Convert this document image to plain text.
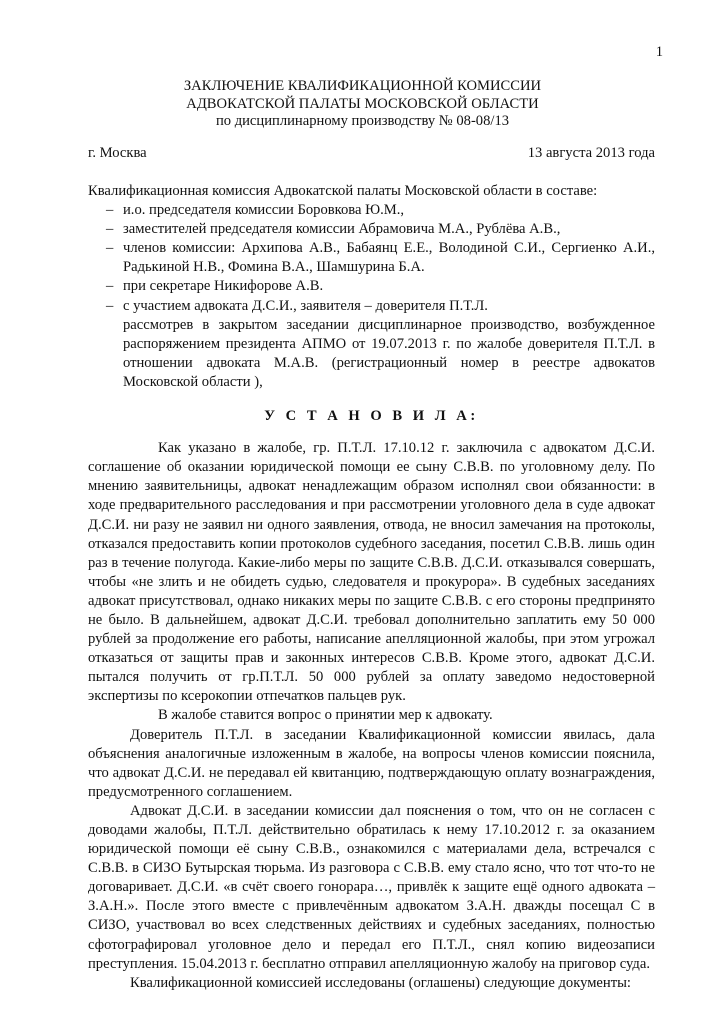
1
ЗАКЛЮЧЕНИЕ КВАЛИФИКАЦИОННОЙ КОМИССИИ
АДВОКАТСКОЙ ПАЛАТЫ МОСКОВСКОЙ ОБЛАСТИ
по дисциплинарному производству № 08-08/13
г. Москва	13 августа 2013 года
Квалификационная комиссия Адвокатской палаты Московской области в составе:
– и.о. председателя комиссии Боровкова Ю.М.,
– заместителей председателя комиссии Абрамовича М.А., Рублёва А.В.,
– членов комиссии: Архипова А.В., Бабаянц Е.Е., Володиной С.И., Сергиенко А.И., Радькиной Н.В., Фомина В.А., Шамшурина Б.А.
– при секретаре Никифорове А.В.
– с участием адвоката Д.С.И., заявителя – доверителя П.Т.Л.

рассмотрев в закрытом заседании дисциплинарное производство, возбужденное распоряжением президента АПМО от 19.07.2013 г. по жалобе доверителя П.Т.Л. в отношении адвоката М.А.В. (регистрационный номер в реестре адвокатов Московской области ),

У С Т А Н О В И Л А:

Как указано в жалобе, гр. П.Т.Л. 17.10.12 г. заключила с адвокатом Д.С.И. соглашение об оказании юридической помощи ее сыну С.В.В. по уголовному делу. По мнению заявительницы, адвокат ненадлежащим образом исполнял свои обязанности: в ходе предварительного расследования и при рассмотрении уголовного дела в суде адвокат Д.С.И. ни разу не заявил ни одного заявления, отвода, не вносил замечания на протоколы, отказался предоставить копии протоколов судебного заседания, посетил С.В.В. лишь один раз в течение полугода. Какие-либо меры по защите С.В.В. Д.С.И. отказывался совершать, чтобы «не злить и не обидеть судью, следователя и прокурора». В судебных заседаниях адвокат присутствовал, однако никаких меры по защите С.В.В. с его стороны предпринято не было. В дальнейшем, адвокат Д.С.И. требовал дополнительно заплатить ему 50 000 рублей за продолжение его работы, написание апелляционной жалобы, при этом угрожал отказаться от защиты прав и законных интересов С.В.В. Кроме этого, адвокат Д.С.И. пытался получить от гр.П.Т.Л. 50 000 рублей за оплату заведомо недостоверной экспертизы по ксерокопии отпечатков пальцев рук.

В жалобе ставится вопрос о принятии мер к адвокату.

Доверитель П.Т.Л. в заседании Квалификационной комиссии явилась, дала объяснения аналогичные изложенным в жалобе, на вопросы членов комиссии пояснила, что адвокат Д.С.И. не передавал ей квитанцию, подтверждающую оплату вознаграждения, предусмотренного соглашением.

Адвокат Д.С.И. в заседании комиссии дал пояснения о том, что он не согласен с доводами жалобы, П.Т.Л. действительно обратилась к нему 17.10.2012 г. за оказанием юридической помощи её сыну С.В.В., ознакомился с материалами дела, встречался с С.В.В. в СИЗО Бутырская тюрьма. Из разговора с С.В.В. ему стало ясно, что тот что-то не договаривает. Д.С.И. «в счёт своего гонорара…, привлёк к защите ещё одного адвоката – З.А.Н.». После этого вместе с привлечённым адвокатом З.А.Н. дважды посещал С в СИЗО, участвовал во всех следственных действиях и судебных заседаниях, полностью сфотографировал уголовное дело и передал его П.Т.Л., снял копию видеозаписи преступления. 15.04.2013 г. бесплатно отправил апелляционную жалобу на приговор суда.

Квалификационной комиссией исследованы (оглашены) следующие документы:
